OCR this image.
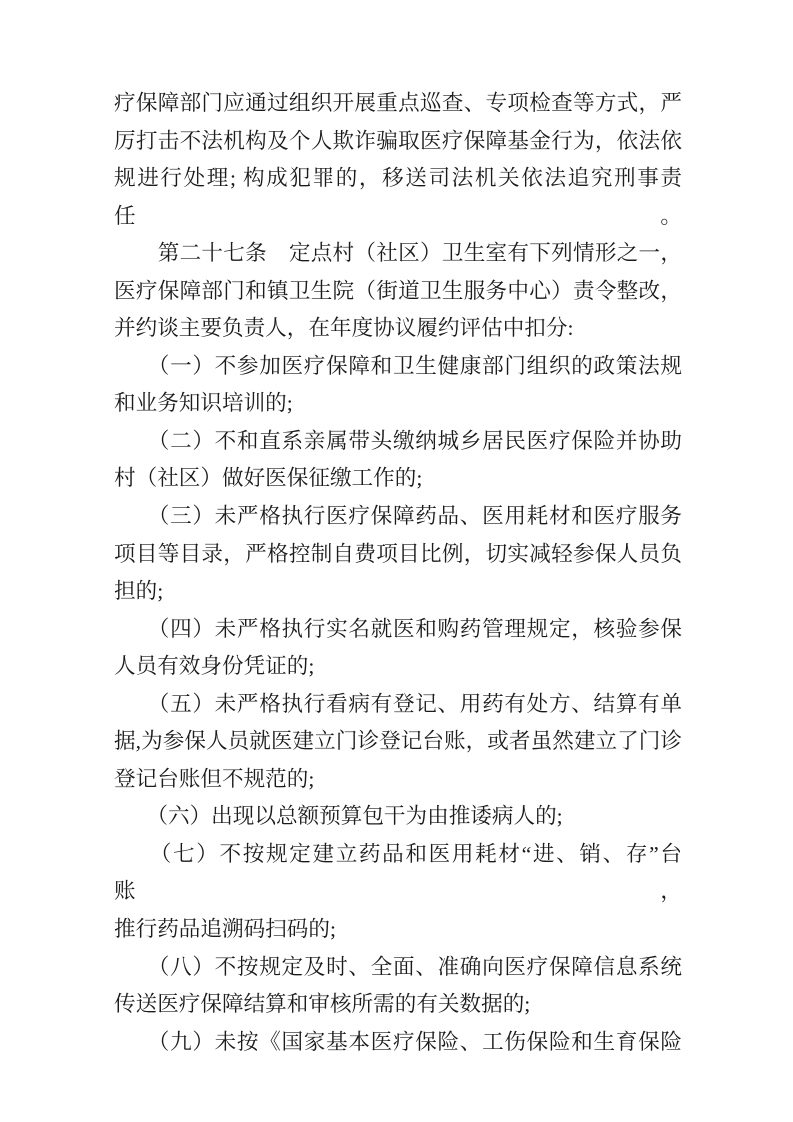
疗保障部门应通过组织开展重点巡查、专项检查等方式，严
厉打击不法机构及个人欺诈骗取医疗保障基金行为，依法依
规进行处理; 构成犯罪的，移送司法机关依法追究刑事责任。
　　第二十七条　定点村（社区）卫生室有下列情形之一，
医疗保障部门和镇卫生院（街道卫生服务中心）责令整改，
并约谈主要负责人，在年度协议履约评估中扣分:
　　（一）不参加医疗保障和卫生健康部门组织的政策法规
和业务知识培训的;
　　（二）不和直系亲属带头缴纳城乡居民医疗保险并协助
村（社区）做好医保征缴工作的;
　　（三）未严格执行医疗保障药品、医用耗材和医疗服务
项目等目录，严格控制自费项目比例，切实减轻参保人员负
担的;
　　（四）未严格执行实名就医和购药管理规定，核验参保
人员有效身份凭证的;
　　（五）未严格执行看病有登记、用药有处方、结算有单
据,为参保人员就医建立门诊登记台账，或者虽然建立了门诊
登记台账但不规范的;
　　（六）出现以总额预算包干为由推诿病人的;
　　（七）不按规定建立药品和医用耗材“进、销、存”台账，
推行药品追溯码扫码的;
　　（八）不按规定及时、全面、准确向医疗保障信息系统
传送医疗保障结算和审核所需的有关数据的;
　　（九）未按《国家基本医疗保险、工伤保险和生育保险
